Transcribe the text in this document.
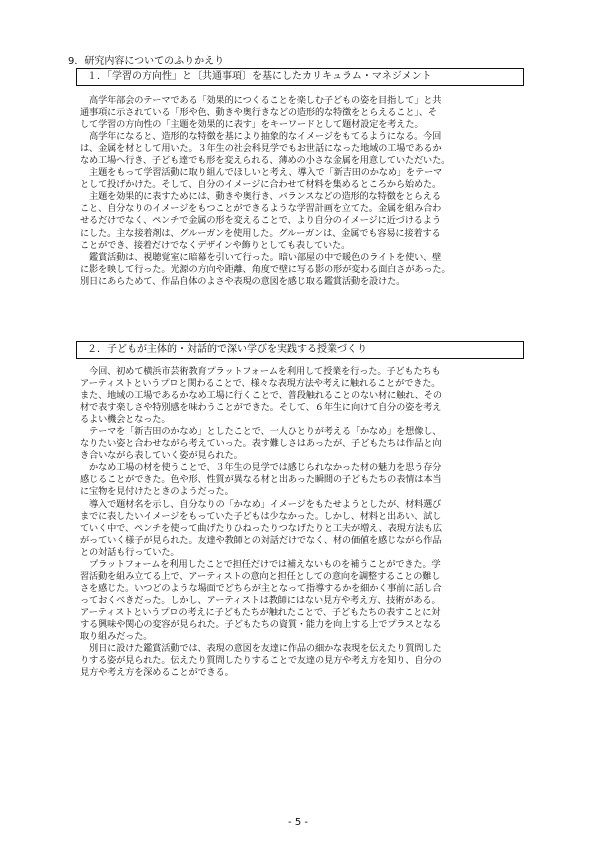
9．研究内容についてのふりかえり
１．「学習の方向性」と〔共通事項〕を基にしたカリキュラム・マネジメント

　高学年部会のテーマである「効果的につくることを楽しむ子どもの姿を目指して」と共

通事項に示されている「形や色、動きや奥行きなどの造形的な特徴をとらえること」、そ

して学習の方向性の「主題を効果的に表す」をキーワードとして題材設定を考えた。

　高学年になると、造形的な特徴を基により抽象的なイメージをもてるようになる。今回

は、金属を材として用いた。３年生の社会科見学でもお世話になった地域の工場であるか

なめ工場へ行き、子ども達でも形を変えられる、薄めの小さな金属を用意していただいた。

　主題をもって学習活動に取り組んでほしいと考え、導入で「新吉田のかなめ」をテーマ

として投げかけた。そして、自分のイメージに合わせて材料を集めるところから始めた。

　主題を効果的に表すためには、動きや奥行き、バランスなどの造形的な特徴をとらえる

こと、自分なりのイメージをもつことができるような学習計画を立てた。金属を組み合わ

せるだけでなく、ペンチで金属の形を変えることで、より自分のイメージに近づけるよう

にした。主な接着剤は、グルーガンを使用した。グルーガンは、金属でも容易に接着する

ことができ、接着だけでなくデザインや飾りとしても表していた。

　鑑賞活動は、視聴覚室に暗幕を引いて行った。暗い部屋の中で暖色のライトを使い、壁

に影を映して行った。光源の方向や距離、角度で壁に写る影の形が変わる面白さがあった。

別日にあらためて、作品自体のよさや表現の意図を感じ取る鑑賞活動を設けた。

２．子どもが主体的・対話的で深い学びを実践する授業づくり

　今回、初めて横浜市芸術教育プラットフォームを利用して授業を行った。子どもたちも

アーティストというプロと関わることで、様々な表現方法や考えに触れることができた。

また、地域の工場であるかなめ工場に行くことで、普段触れることのない材に触れ、その

材で表す楽しさや特別感を味わうことができた。そして、６年生に向けて自分の姿を考え

るよい機会となった。

　テーマを「新吉田のかなめ」としたことで、一人ひとりが考える「かなめ」を想像し、

なりたい姿と合わせながら考えていった。表す難しさはあったが、子どもたちは作品と向

き合いながら表していく姿が見られた。

　かなめ工場の材を使うことで、３年生の見学では感じられなかった材の魅力を思う存分

感じることができた。色や形、性質が異なる材と出あった瞬間の子どもたちの表情は本当

に宝物を見付けたときのようだった。

　導入で題材名を示し、自分なりの「かなめ」イメージをもたせようとしたが、材料選び

までに表したいイメージをもっていた子どもは少なかった。しかし、材料と出あい、試し

ていく中で、ペンチを使って曲げたりひねったりつなげたりと工夫が増え、表現方法も広

がっていく様子が見られた。友達や教師との対話だけでなく、材の価値を感じながら作品

との対話も行っていた。

　プラットフォームを利用したことで担任だけでは補えないものを補うことができた。学

習活動を組み立てる上で、アーティストの意向と担任としての意向を調整することの難し

さを感じた。いつどのような場面でどちらが主となって指導するかを細かく事前に話し合

っておくべきだった。しかし、アーティストは教師にはない見方や考え方、技術がある。

アーティストというプロの考えに子どもたちが触れたことで、子どもたちの表すことに対

する興味や関心の変容が見られた。子どもたちの資質・能力を向上する上でプラスとなる

取り組みだった。

　別日に設けた鑑賞活動では、表現の意図を友達に作品の細かな表現を伝えたり質問した

りする姿が見られた。伝えたり質問したりすることで友達の見方や考え方を知り、自分の

見方や考え方を深めることができる。

- 5 -
